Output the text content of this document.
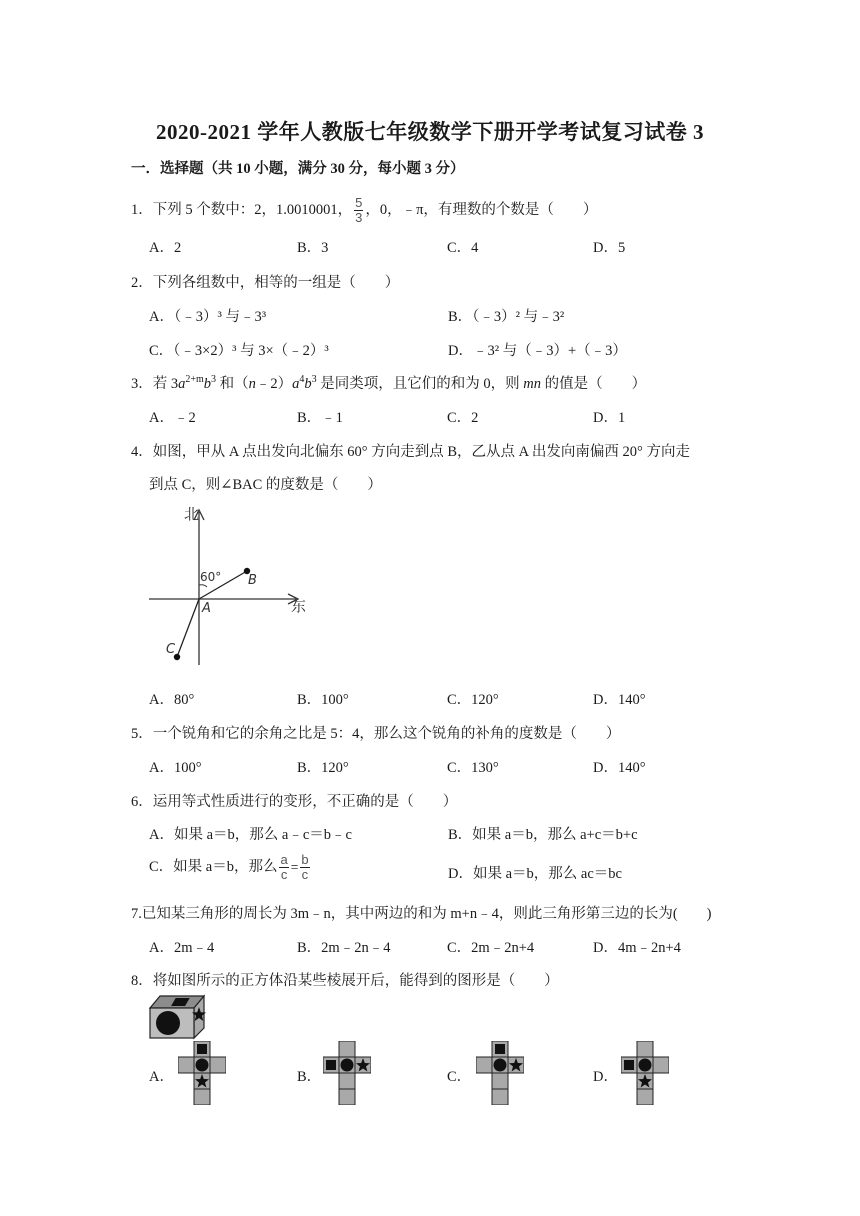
2020-2021 学年人教版七年级数学下册开学考试复习试卷 3
一．选择题（共 10 小题，满分 30 分，每小题 3 分）
1．下列 5 个数中：2，1.0010001， $\frac{5}{3}$ ，0，﹣π，有理数的个数是（　　）
A．2	B．3	C．4	D．5
2．下列各组数中，相等的一组是（　　）
A．（﹣3）³ 与﹣3³	B．（﹣3）² 与﹣3²
C．（﹣3×2）³ 与 3×（﹣2）³	D．﹣3² 与（﹣3）+（﹣3）
3．若 $3a^{2+m}b^3$ 和$(n﹣2)a^4b^3$ 是同类项，且它们的和为 0，则 mn 的值是（　　）
A．﹣2	B．﹣1	C．2	D．1
4．如图，甲从 A 点出发向北偏东 60° 方向走到点 B，乙从点 A 出发向南偏西 20° 方向走
到点 C，则∠BAC 的度数是（　　）
北
东
60° B
A
C
A．80°	B．100°	C．120°	D．140°
5．一个锐角和它的余角之比是 5：4，那么这个锐角的补角的度数是（　　）
A．100°	B．120°	C．130°	D．140°
6．运用等式性质进行的变形，不正确的是（　　）
A．如果 a＝b，那么 a﹣c＝b﹣c	B．如果 a＝b，那么 a+c＝b+c
C．如果 a＝b，那么 $\frac{a}{c} = \frac{b}{c}$	D．如果 a＝b，那么 ac＝bc
7.已知某三角形的周长为 3m﹣n，其中两边的和为 m+n﹣4，则此三角形第三边的长为(　　)
A．2m﹣4	B．2m﹣2n﹣4	C．2m﹣2n+4	D．4m﹣2n+4
8．将如图所示的正方体沿某些棱展开后，能得到的图形是（　　）
A．	B．	C．	D．
